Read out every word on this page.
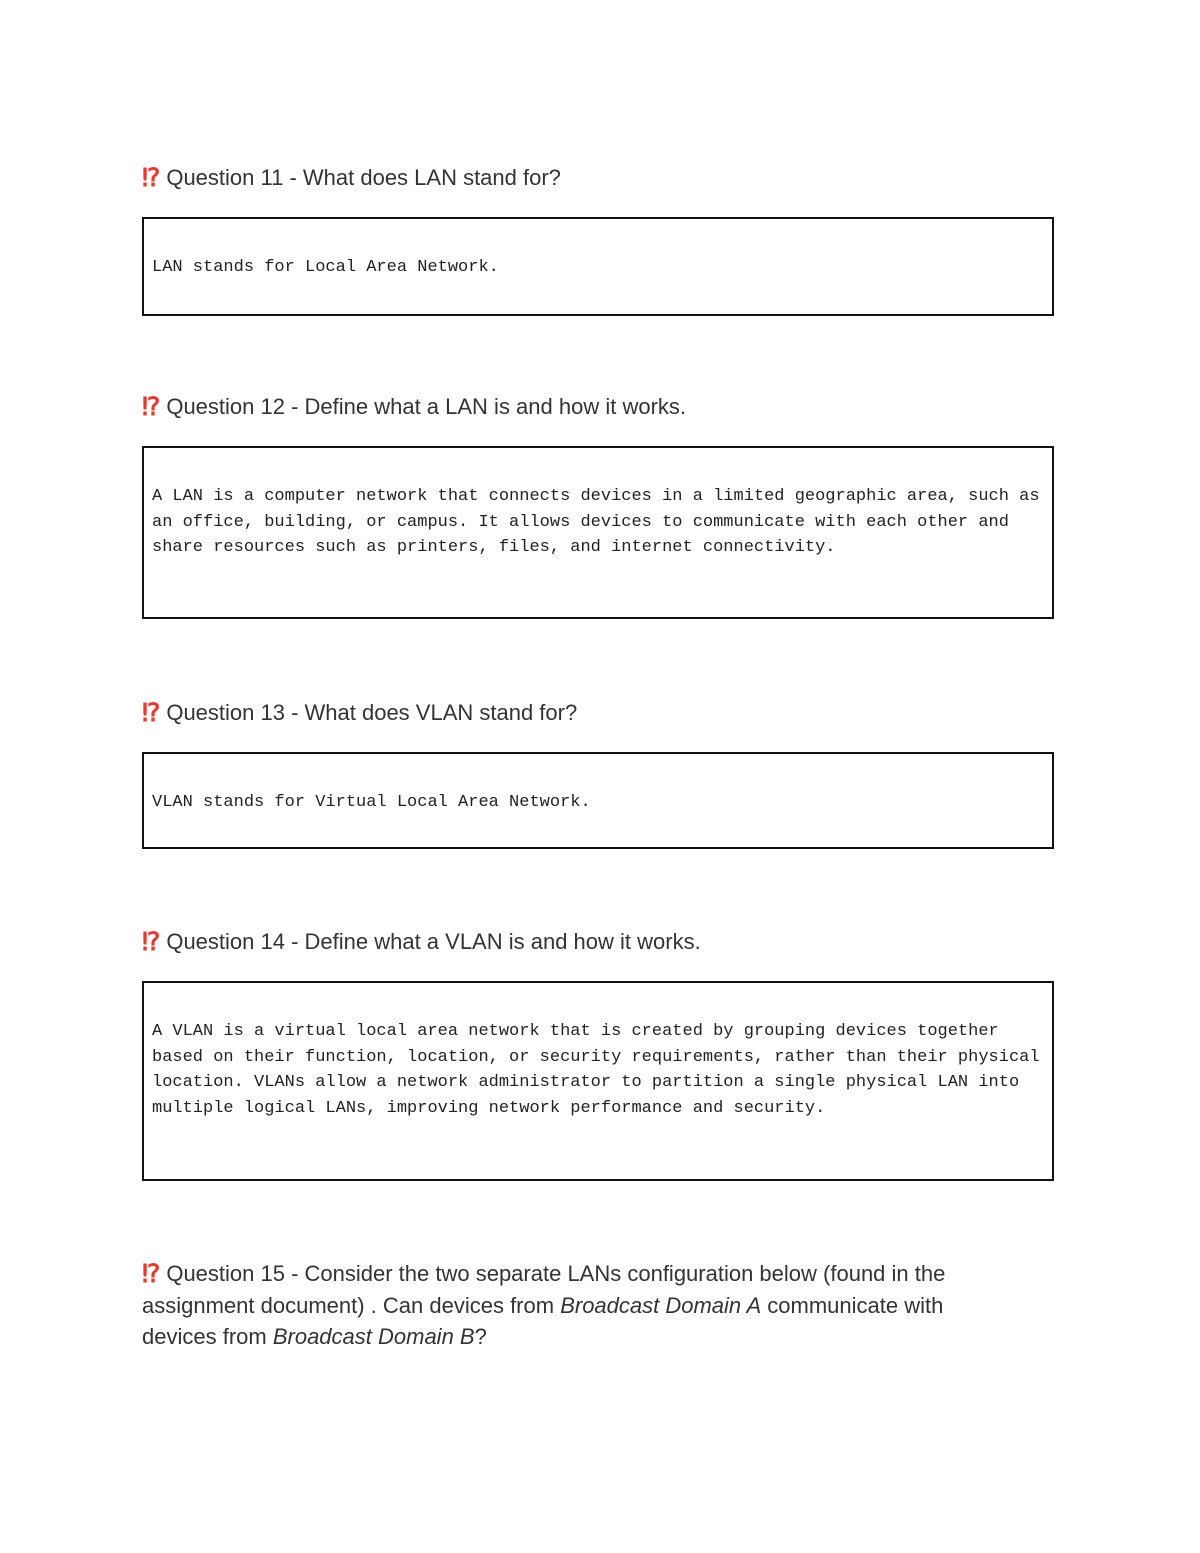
⁉ Question 11 - What does LAN stand for?
LAN stands for Local Area Network.
⁉ Question 12 - Define what a LAN is and how it works.
A LAN is a computer network that connects devices in a limited geographic area, such as an office, building, or campus. It allows devices to communicate with each other and share resources such as printers, files, and internet connectivity.
⁉ Question 13 - What does VLAN stand for?
VLAN stands for Virtual Local Area Network.
⁉ Question 14 - Define what a VLAN is and how it works.
A VLAN is a virtual local area network that is created by grouping devices together based on their function, location, or security requirements, rather than their physical location. VLANs allow a network administrator to partition a single physical LAN into multiple logical LANs, improving network performance and security.
⁉ Question 15 - Consider the two separate LANs configuration below (found in the assignment document) . Can devices from Broadcast Domain A communicate with devices from Broadcast Domain B?
